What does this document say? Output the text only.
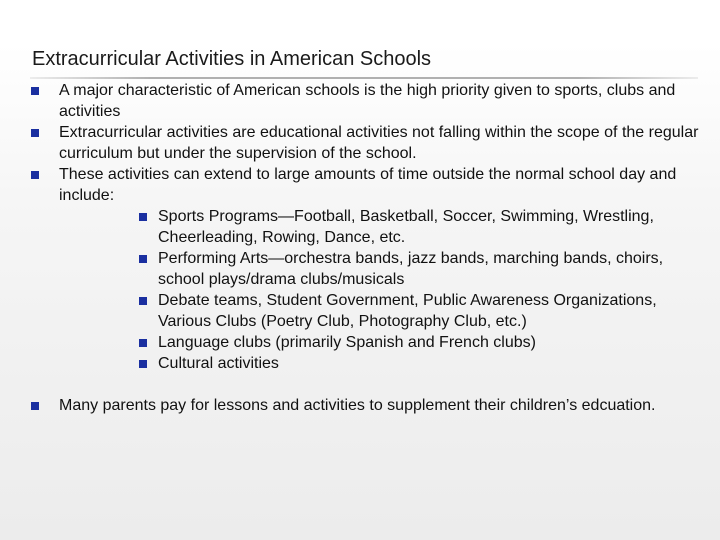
Extracurricular Activities in American Schools
A major characteristic of American schools is the high priority given to sports, clubs and activities
Extracurricular activities are educational activities not falling within the scope of the regular curriculum but under the supervision of the school.
These activities can extend to large amounts of time outside the normal school day and include:
Sports Programs—Football, Basketball, Soccer, Swimming, Wrestling, Cheerleading, Rowing, Dance, etc.
Performing Arts—orchestra bands, jazz bands, marching bands, choirs, school plays/drama clubs/musicals
Debate teams, Student Government, Public Awareness Organizations, Various Clubs (Poetry Club, Photography Club, etc.)
Language clubs (primarily Spanish and French clubs)
Cultural activities
Many parents pay for lessons and activities to supplement their children’s edcuation.
